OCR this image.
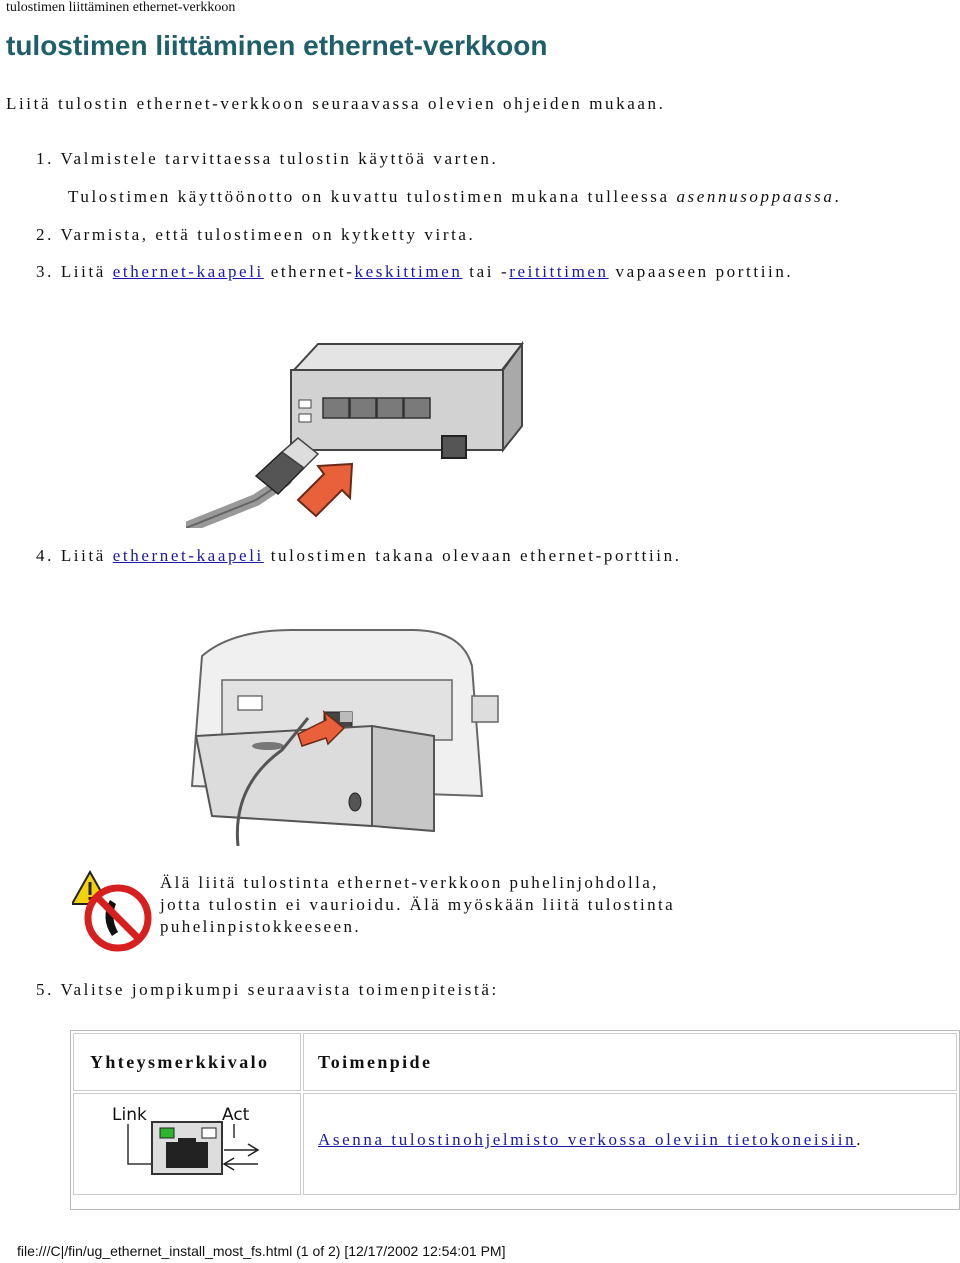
tulostimen liittäminen ethernet-verkkoon
tulostimen liittäminen ethernet-verkkoon
Liitä tulostin ethernet-verkkoon seuraavassa olevien ohjeiden mukaan.
1. Valmistele tarvittaessa tulostin käyttöä varten.
Tulostimen käyttöönotto on kuvattu tulostimen mukana tulleessa asennusoppaassa.
2. Varmista, että tulostimeen on kytketty virta.
3. Liitä ethernet-kaapeli ethernet-keskittimen tai -reitittimen vapaaseen porttiin.
4. Liitä ethernet-kaapeli tulostimen takana olevaan ethernet-porttiin.
Älä liitä tulostinta ethernet-verkkoon puhelinjohdolla, jotta tulostin ei vaurioidu. Älä myöskään liitä tulostinta puhelinpistokkeeseen.
5. Valitse jompikumpi seuraavista toimenpiteistä:
Yhteysmerkkivalo	Toimenpide
Link	Act
Asenna tulostinohjelmisto verkossa oleviin tietokoneisiin.
file:///C|/fin/ug_ethernet_install_most_fs.html (1 of 2) [12/17/2002 12:54:01 PM]
